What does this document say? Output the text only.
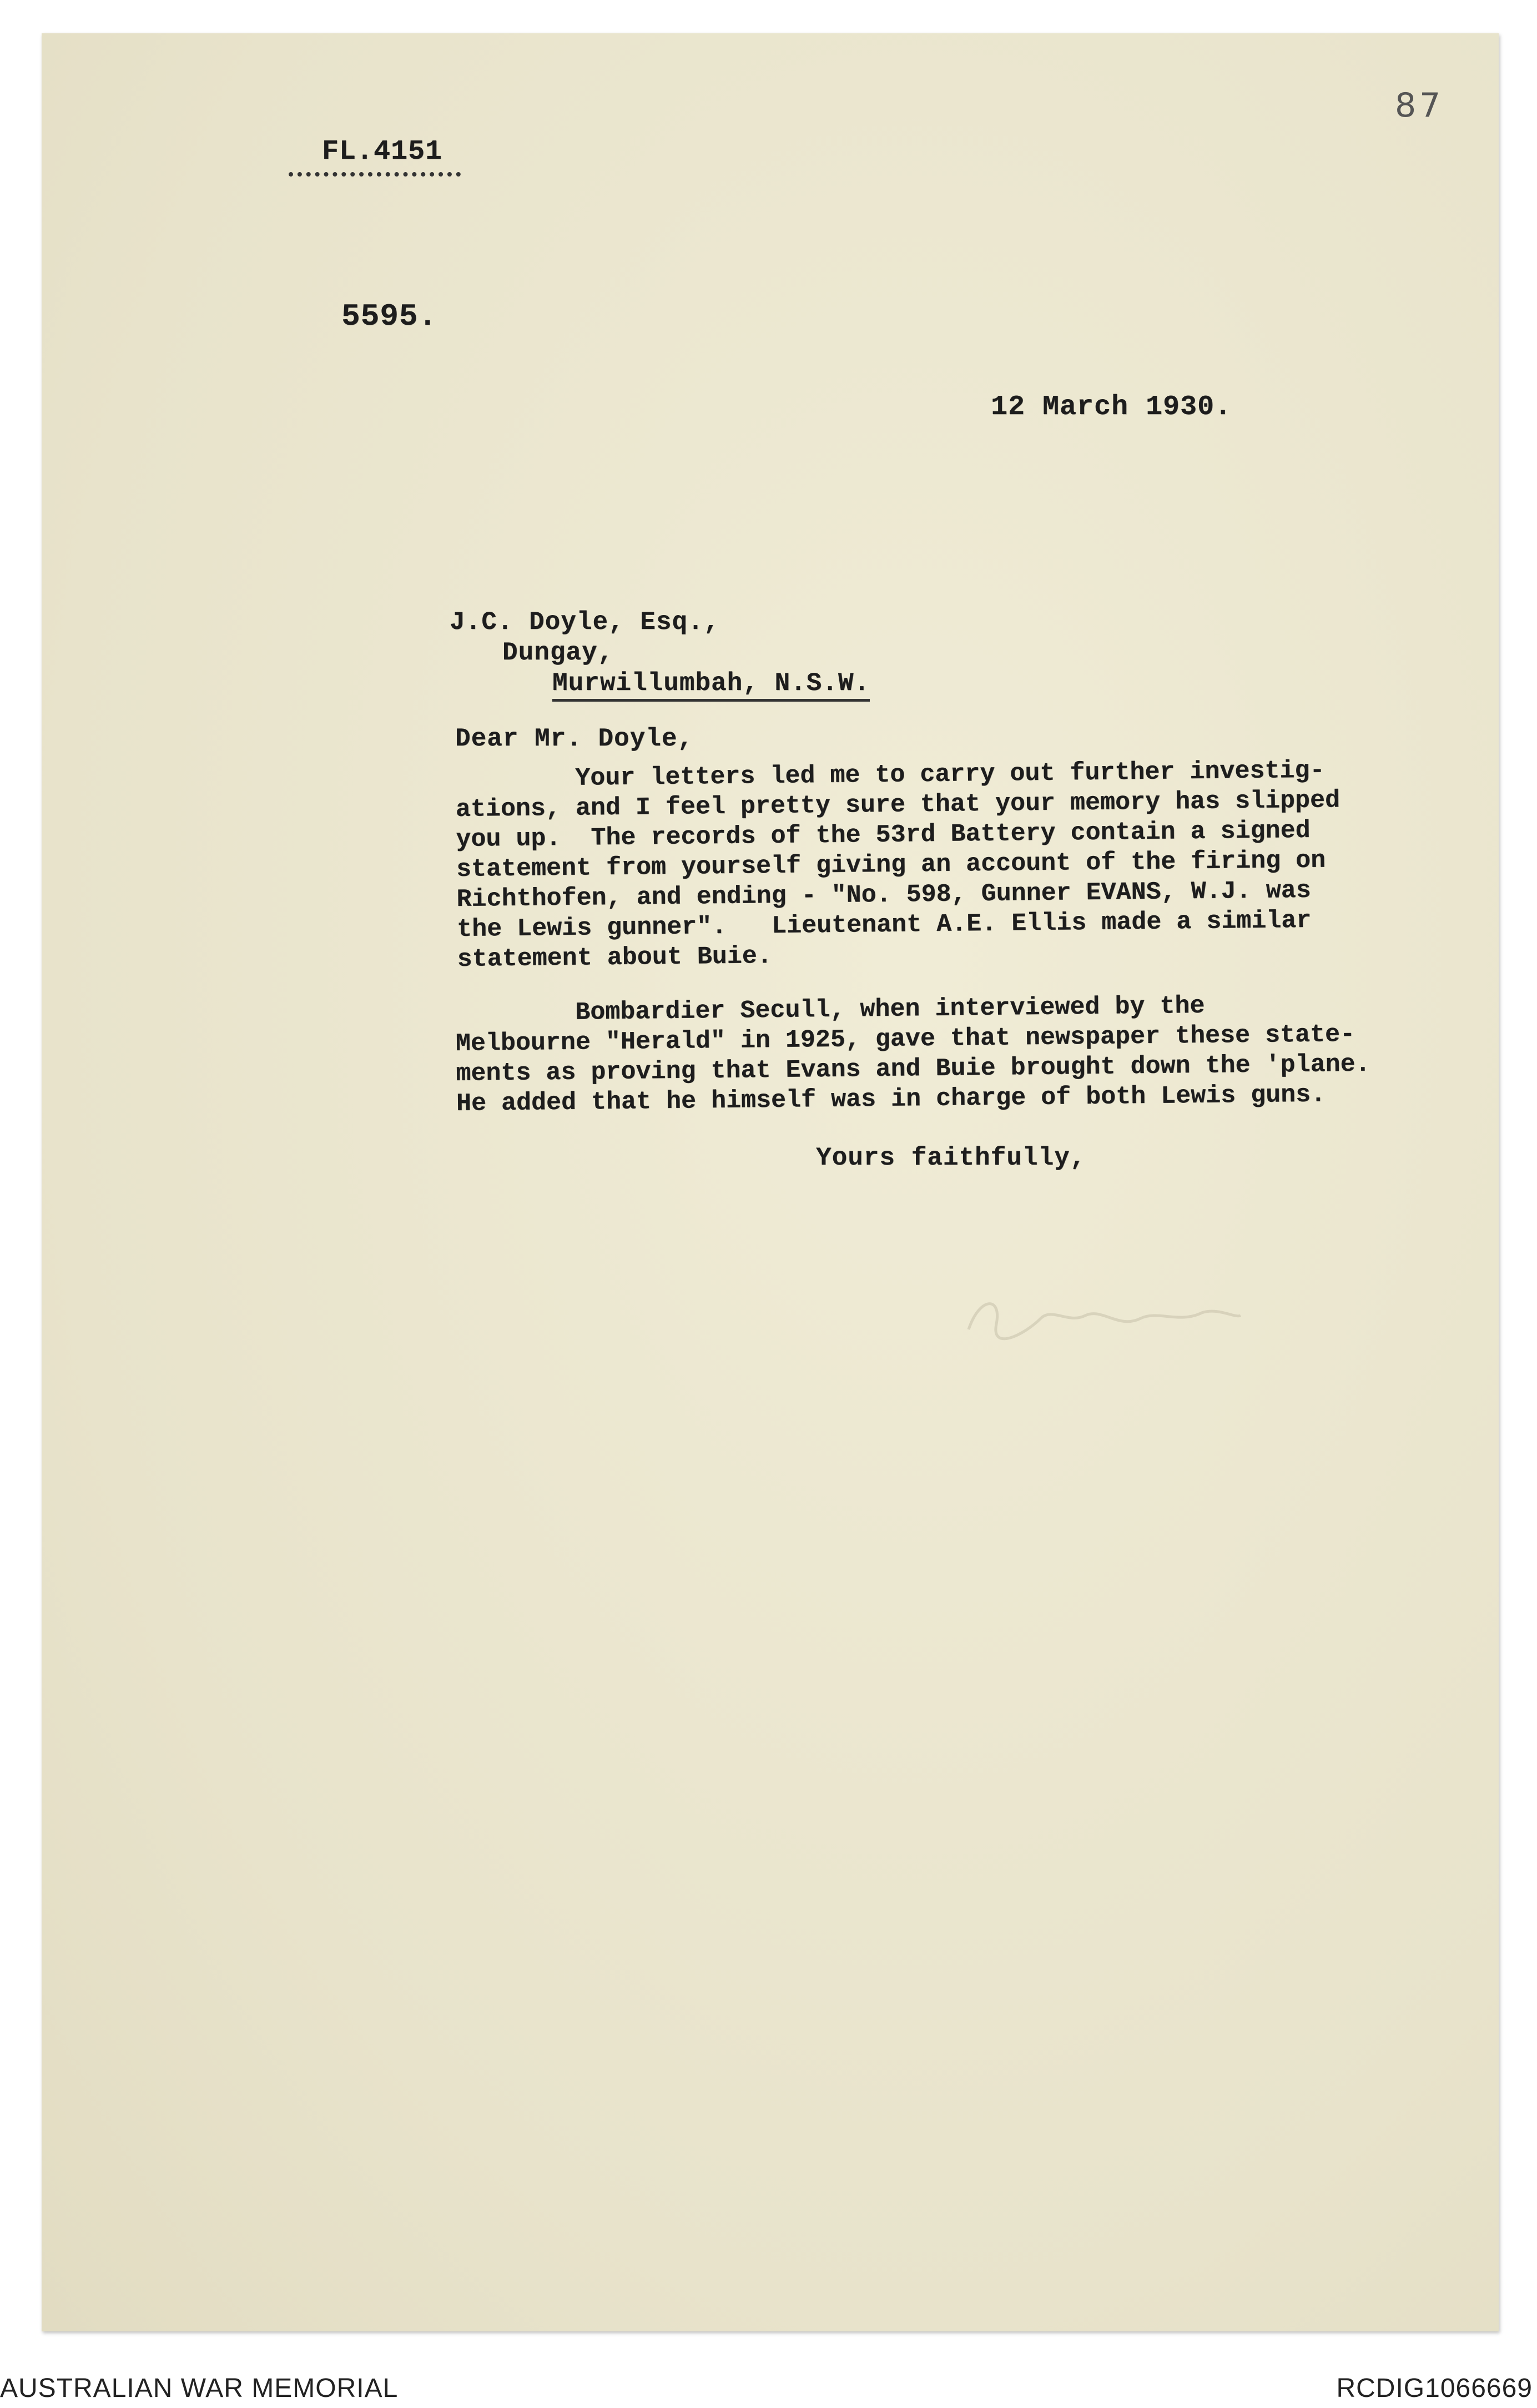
FL.4151
87
5595.
12 March 1930.
J.C. Doyle, Esq.,
Dungay,
Murwillumbah, N.S.W.
Dear Mr. Doyle,
Your letters led me to carry out further investig-
ations, and I feel pretty sure that your memory has slipped
you up.  The records of the 53rd Battery contain a signed
statement from yourself giving an account of the firing on
Richthofen, and ending - "No. 598, Gunner EVANS, W.J. was
the Lewis gunner".   Lieutenant A.E. Ellis made a similar
statement about Buie.
Bombardier Secull, when interviewed by the
Melbourne "Herald" in 1925, gave that newspaper these state-
ments as proving that Evans and Buie brought down the 'plane.
He added that he himself was in charge of both Lewis guns.
Yours faithfully,
AUSTRALIAN WAR MEMORIAL	RCDIG1066669
